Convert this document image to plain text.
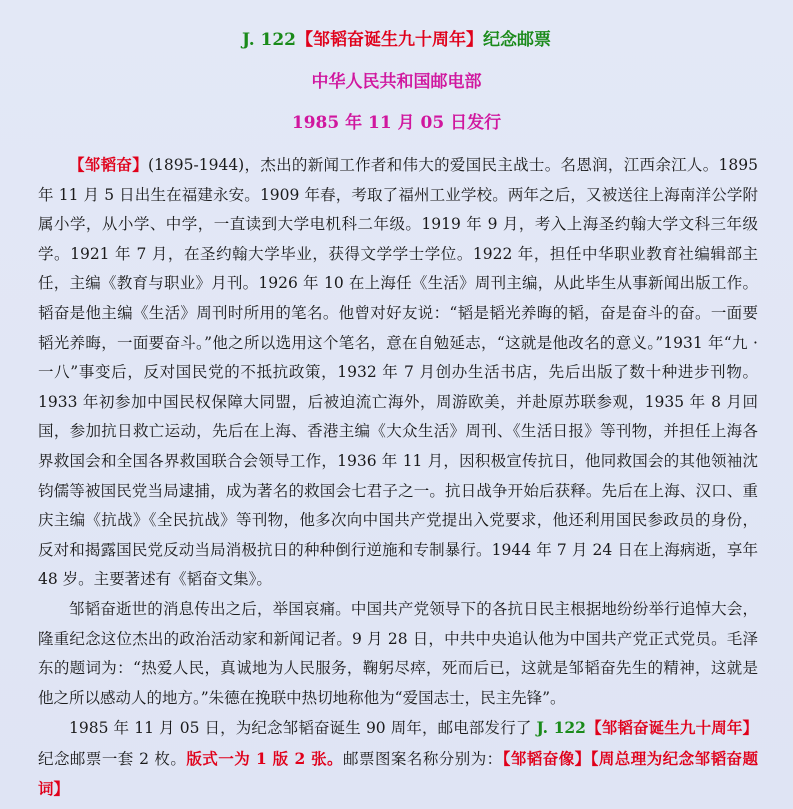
J. 122【邹韬奋诞生九十周年】纪念邮票
中华人民共和国邮电部
1985 年 11 月 05 日发行

【邹韬奋】(1895-1944)，杰出的新闻工作者和伟大的爱国民主战士。名恩润，江西余江人。1895 年 11 月 5 日出生在福建永安。1909 年春，考取了福州工业学校。两年之后，又被送往上海南洋公学附属小学，从小学、中学，一直读到大学电机科二年级。1919 年 9 月，考入上海圣约翰大学文科三年级学。1921 年 7 月，在圣约翰大学毕业，获得文学学士学位。1922 年，担任中华职业教育社编辑部主任，主编《教育与职业》月刊。1926 年 10 在上海任《生活》周刊主编，从此毕生从事新闻出版工作。韬奋是他主编《生活》周刊时所用的笔名。他曾对好友说：“韬是韬光养晦的韬，奋是奋斗的奋。一面要韬光养晦，一面要奋斗。”他之所以选用这个笔名，意在自勉延志，“这就是他改名的意义。”1931 年“九 · 一八”事变后，反对国民党的不抵抗政策，1932 年 7 月创办生活书店，先后出版了数十种进步刊物。1933 年初参加中国民权保障大同盟，后被迫流亡海外，周游欧美，并赴原苏联参观，1935 年 8 月回国，参加抗日救亡运动，先后在上海、香港主编《大众生活》周刊、《生活日报》等刊物，并担任上海各界救国会和全国各界救国联合会领导工作，1936 年 11 月，因积极宣传抗日，他同救国会的其他领袖沈钧儒等被国民党当局逮捕，成为著名的救国会七君子之一。抗日战争开始后获释。先后在上海、汉口、重庆主编《抗战》《全民抗战》等刊物，他多次向中国共产党提出入党要求，他还利用国民参政员的身份，反对和揭露国民党反动当局消极抗日的种种倒行逆施和专制暴行。1944 年 7 月 24 日在上海病逝，享年 48 岁。主要著述有《韬奋文集》。

邹韬奋逝世的消息传出之后，举国哀痛。中国共产党领导下的各抗日民主根据地纷纷举行追悼大会，隆重纪念这位杰出的政治活动家和新闻记者。9 月 28 日，中共中央追认他为中国共产党正式党员。毛泽东的题词为：“热爱人民，真诚地为人民服务，鞠躬尽瘁，死而后已，这就是邹韬奋先生的精神，这就是他之所以感动人的地方。”朱德在挽联中热切地称他为“爱国志士，民主先锋”。

1985 年 11 月 05 日，为纪念邹韬奋诞生 90 周年，邮电部发行了 J. 122【邹韬奋诞生九十周年】纪念邮票一套 2 枚。版式一为 1 版 2 张。邮票图案名称分别为：【邹韬奋像】【周总理为纪念邹韬奋题词】
